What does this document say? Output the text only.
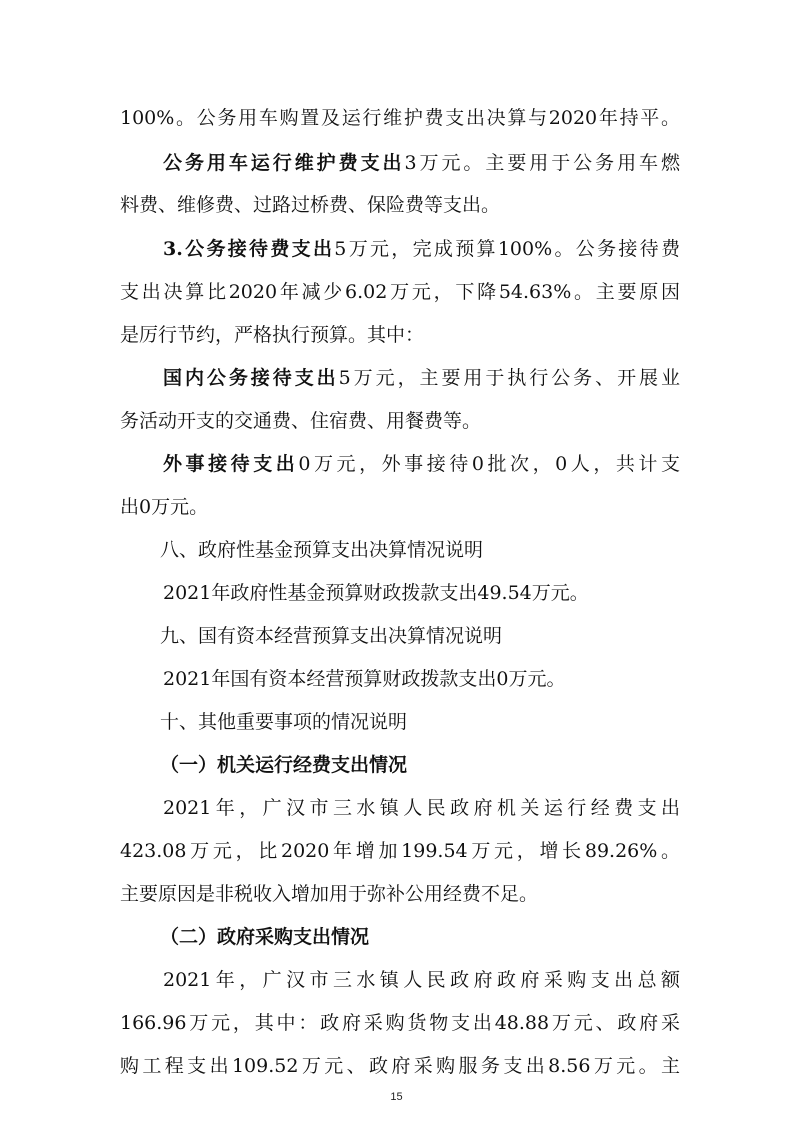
100%。公务用车购置及运行维护费支出决算与2020年持平。
公务用车运行维护费支出3万元。主要用于公务用车燃
料费、维修费、过路过桥费、保险费等支出。
3.公务接待费支出5万元，完成预算100%。公务接待费
支出决算比2020年减少6.02万元，下降54.63%。主要原因
是厉行节约，严格执行预算。其中：
国内公务接待支出5万元，主要用于执行公务、开展业
务活动开支的交通费、住宿费、用餐费等。
外事接待支出0万元，外事接待0批次，0人，共计支
出0万元。
八、政府性基金预算支出决算情况说明
2021年政府性基金预算财政拨款支出49.54万元。
九、国有资本经营预算支出决算情况说明
2021年国有资本经营预算财政拨款支出0万元。
十、其他重要事项的情况说明
（一）机关运行经费支出情况
2021年，广汉市三水镇人民政府机关运行经费支出
423.08万元，比2020年增加199.54万元，增长89.26%。
主要原因是非税收入增加用于弥补公用经费不足。
（二）政府采购支出情况
2021年，广汉市三水镇人民政府政府采购支出总额
166.96万元，其中：政府采购货物支出48.88万元、政府采
购工程支出109.52万元、政府采购服务支出8.56万元。主
15
